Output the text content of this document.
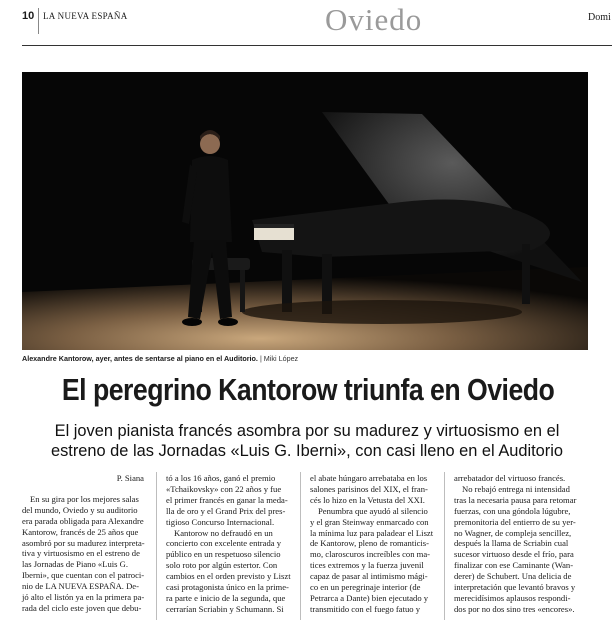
10 LA NUEVA ESPAÑA	Oviedo	Domi
Alexandre Kantorow, ayer, antes de sentarse al piano en el Auditorio. | Miki López
El peregrino Kantorow triunfa en Oviedo
El joven pianista francés asombra por su madurez y virtuosismo en el
estreno de las Jornadas «Luis G. Iberni», con casi lleno en el Auditorio
P. Siana
En su gira por los mejores salas
del mundo, Oviedo y su auditorio
era parada obligada para Alexandre
Kantorow, francés de 25 años que
asombró por su madurez interpreta-
tiva y virtuosismo en el estreno de
las Jornadas de Piano «Luis G.
Iberni», que cuentan con el patroci-
nio de LA NUEVA ESPAÑA. De-
jó alto el listón ya en la primera pa-
rada del ciclo este joven que debu-
tó a los 16 años, ganó el premio
«Tchaikovsky» con 22 años y fue
el primer francés en ganar la meda-
lla de oro y el Grand Prix del pres-
tigioso Concurso Internacional.
Kantorow no defraudó en un
concierto con excelente entrada y
público en un respetuoso silencio
solo roto por algún estertor. Con
cambios en el orden previsto y Liszt
casi protagonista único en la prime-
ra parte e inicio de la segunda, que
cerrarían Scriabin y Schumann. Si
el abate húngaro arrebataba en los
salones parisinos del XIX, el fran-
cés lo hizo en la Vetusta del XXI.
Penumbra que ayudó al silencio
y el gran Steinway enmarcado con
la mínima luz para paladear el Liszt
de Kantorow, pleno de romanticis-
mo, claroscuros increíbles con ma-
tices extremos y la fuerza juvenil
capaz de pasar al intimismo mági-
co en un peregrinaje interior (de
Petrarca a Dante) bien ejecutado y
transmitido con el fuego fatuo y
arrebatador del virtuoso francés.
No rebajó entrega ni intensidad
tras la necesaria pausa para retomar
fuerzas, con una góndola lúgubre,
premonitoria del entierro de su yer-
no Wagner, de compleja sencillez,
después la llama de Scriabin cual
sucesor virtuoso desde el frío, para
finalizar con ese Caminante (Wan-
derer) de Schubert. Una delicia de
interpretación que levantó bravos y
merecidísimos aplausos respondi-
dos por no dos sino tres «encores».
